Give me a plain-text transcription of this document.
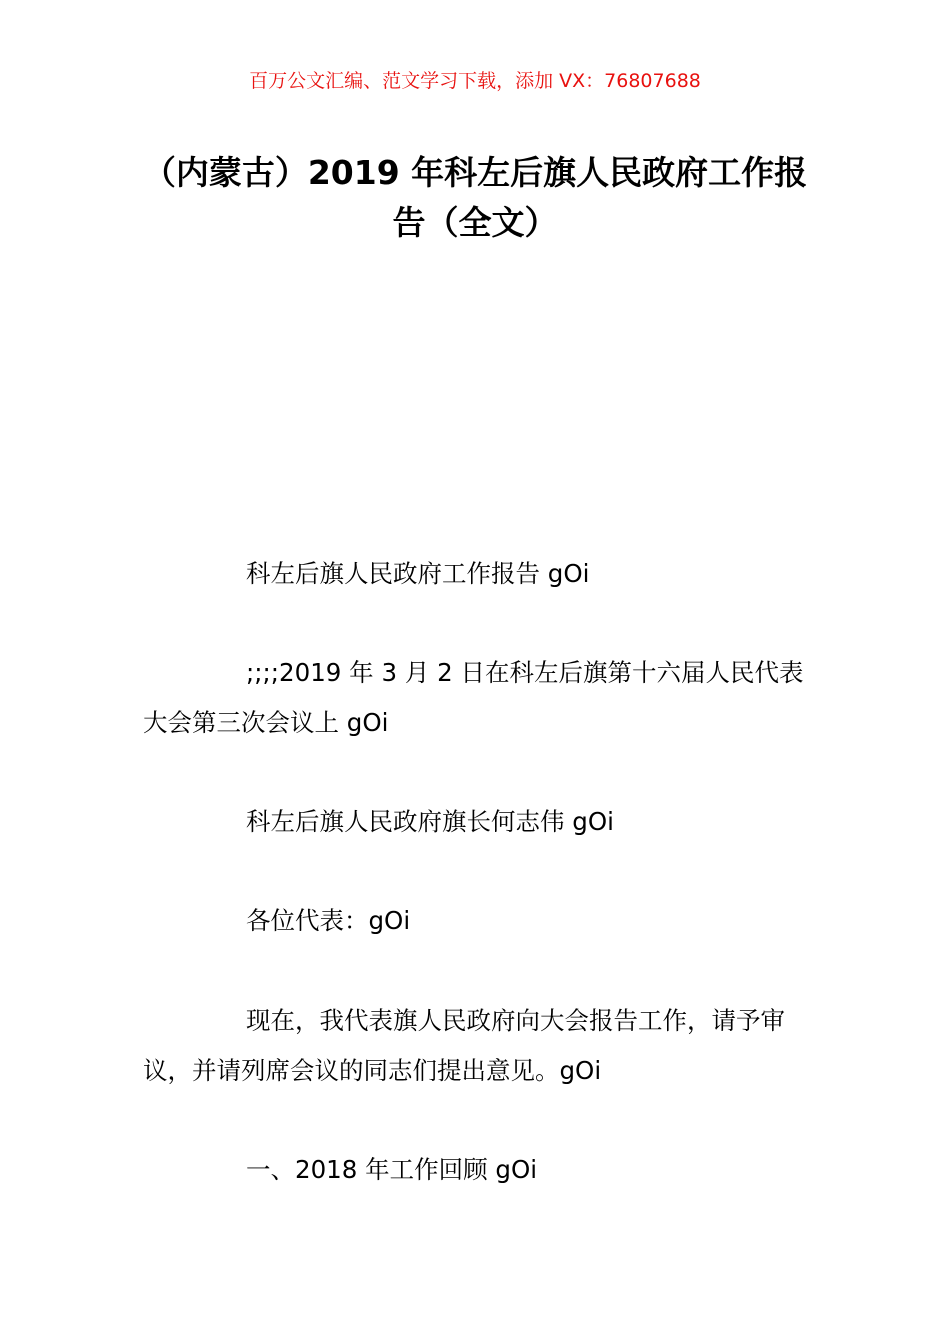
百万公文汇编、范文学习下载，添加 VX：76807688
（内蒙古）2019 年科左后旗人民政府工作报告（全文）

科左后旗人民政府工作报告 gOi

;;;;2019 年 3 月 2 日在科左后旗第十六届人民代表大会第三次会议上 gOi

科左后旗人民政府旗长何志伟 gOi

各位代表：gOi

现在，我代表旗人民政府向大会报告工作，请予审议，并请列席会议的同志们提出意见。gOi

一、2018 年工作回顾 gOi
